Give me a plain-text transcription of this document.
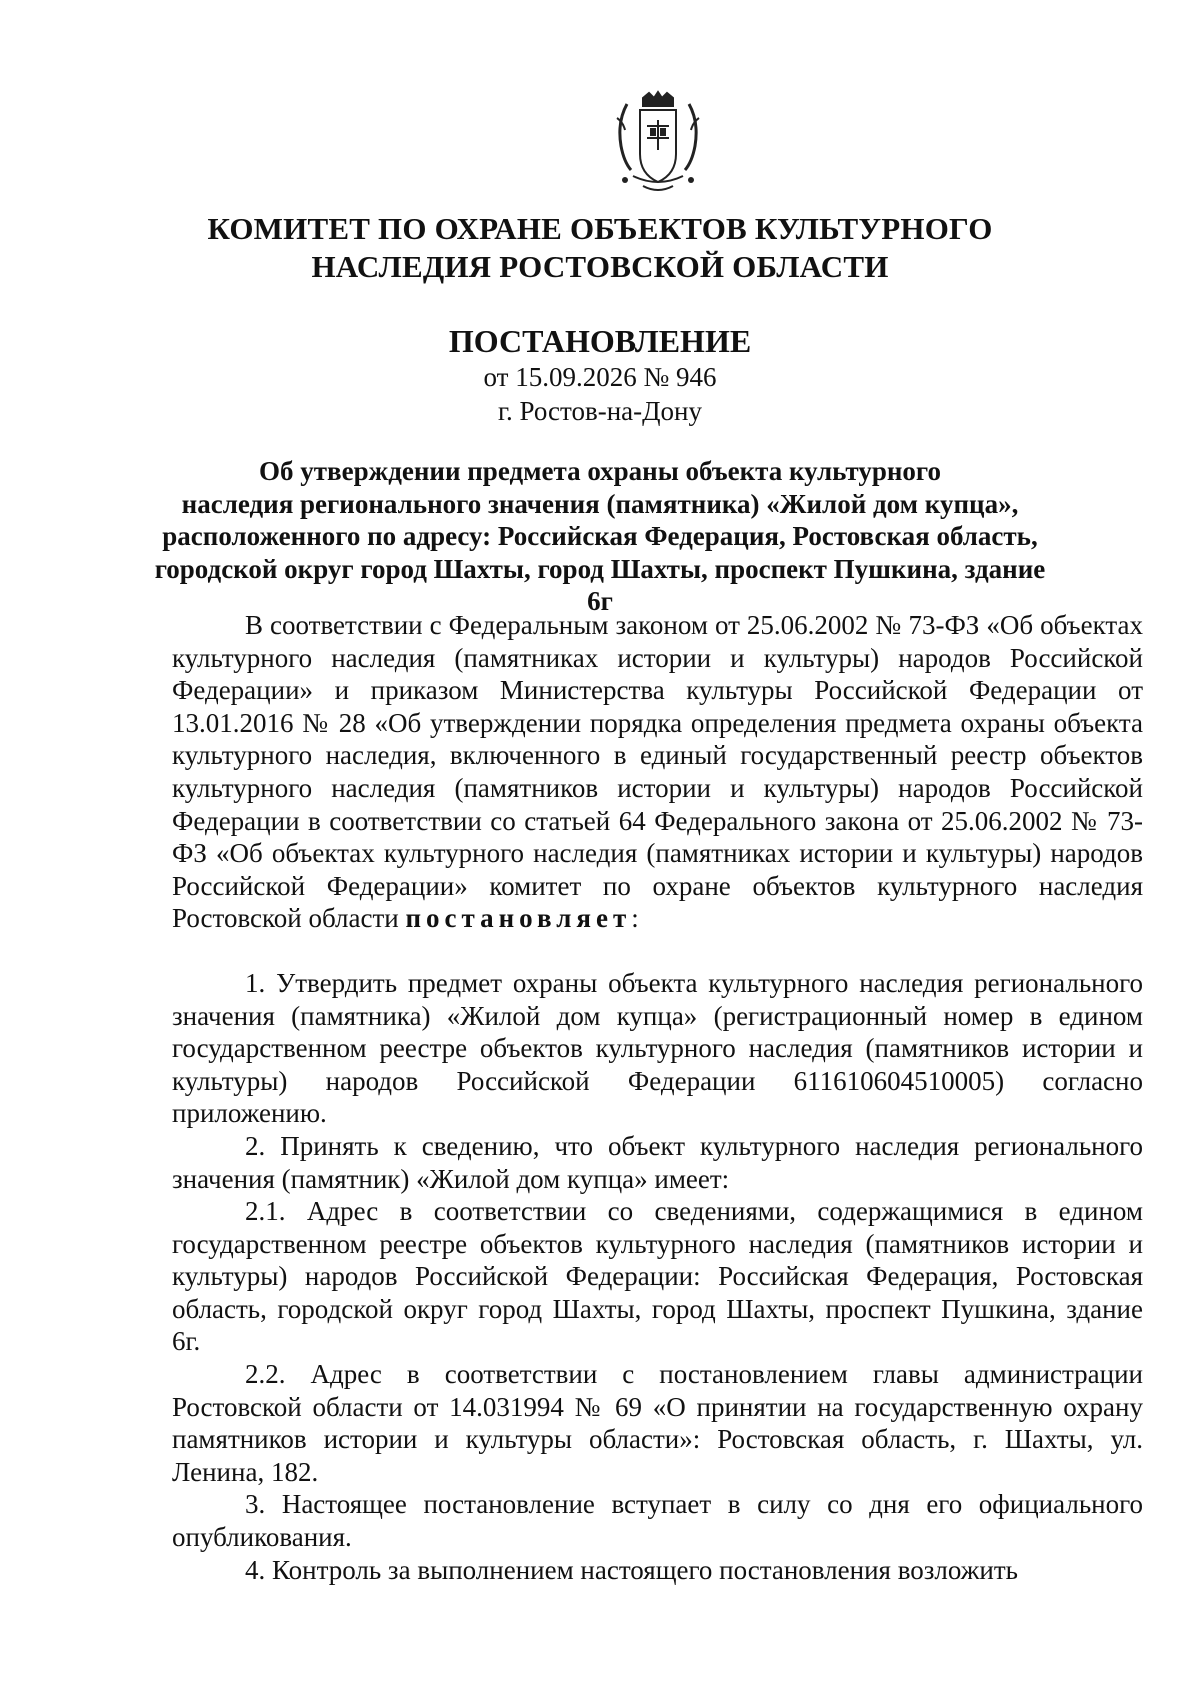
КОМИТЕТ ПО ОХРАНЕ ОБЪЕКТОВ КУЛЬТУРНОГО
НАСЛЕДИЯ РОСТОВСКОЙ ОБЛАСТИ
ПОСТАНОВЛЕНИЕ
от 15.09.2026 № 946
г. Ростов-на-Дону
Об утверждении предмета охраны объекта культурного
наследия регионального значения (памятника) «Жилой дом купца»,
расположенного по адресу: Российская Федерация, Ростовская область,
городской округ город Шахты, город Шахты, проспект Пушкина, здание 6г

В соответствии с Федеральным законом от 25.06.2002 № 73-ФЗ «Об объектах культурного наследия (памятниках истории и культуры) народов Российской Федерации» и приказом Министерства культуры Российской Федерации от 13.01.2016 № 28 «Об утверждении порядка определения предмета охраны объекта культурного наследия, включенного в единый государственный реестр объектов культурного наследия (памятников истории и культуры) народов Российской Федерации в соответствии со статьей 64 Федерального закона от 25.06.2002 № 73-ФЗ «Об объектах культурного наследия (памятниках истории и культуры) народов Российской Федерации» комитет по охране объектов культурного наследия Ростовской области постановляет:

1. Утвердить предмет охраны объекта культурного наследия регионального значения (памятника) «Жилой дом купца» (регистрационный номер в едином государственном реестре объектов культурного наследия (памятников истории и культуры) народов Российской Федерации 611610604510005) согласно приложению.

2. Принять к сведению, что объект культурного наследия регионального значения (памятник) «Жилой дом купца» имеет:

2.1. Адрес в соответствии со сведениями, содержащимися в едином государственном реестре объектов культурного наследия (памятников истории и культуры) народов Российской Федерации: Российская Федерация, Ростовская область, городской округ город Шахты, город Шахты, проспект Пушкина, здание 6г.

2.2. Адрес в соответствии с постановлением главы администрации Ростовской области от 14.031994 № 69 «О принятии на государственную охрану памятников истории и культуры области»: Ростовская область, г. Шахты, ул. Ленина, 182.

3. Настоящее постановление вступает в силу со дня его официального опубликования.

4. Контроль за выполнением настоящего постановления возложить
